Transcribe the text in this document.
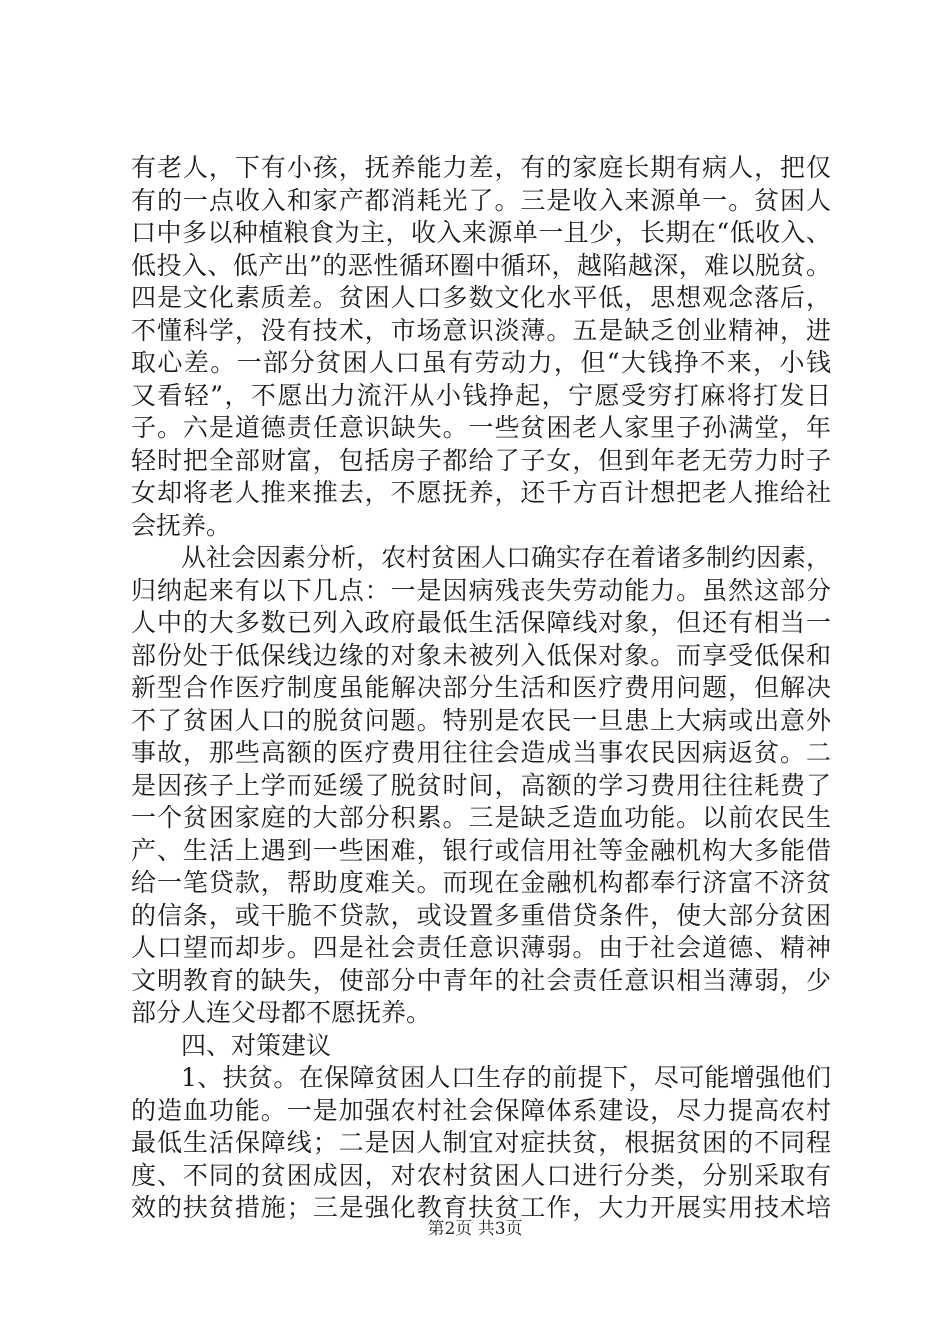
有老人，下有小孩，抚养能力差，有的家庭长期有病人，把仅
有的一点收入和家产都消耗光了。三是收入来源单一。贫困人
口中多以种植粮食为主，收入来源单一且少，长期在“低收入、
低投入、低产出”的恶性循环圈中循环，越陷越深，难以脱贫。
四是文化素质差。贫困人口多数文化水平低，思想观念落后，
不懂科学，没有技术，市场意识淡薄。五是缺乏创业精神，进
取心差。一部分贫困人口虽有劳动力，但“大钱挣不来，小钱
又看轻”，不愿出力流汗从小钱挣起，宁愿受穷打麻将打发日
子。六是道德责任意识缺失。一些贫困老人家里子孙满堂，年
轻时把全部财富，包括房子都给了子女，但到年老无劳力时子
女却将老人推来推去，不愿抚养，还千方百计想把老人推给社
会抚养。
从社会因素分析，农村贫困人口确实存在着诸多制约因素，
归纳起来有以下几点：一是因病残丧失劳动能力。虽然这部分
人中的大多数已列入政府最低生活保障线对象，但还有相当一
部份处于低保线边缘的对象未被列入低保对象。而享受低保和
新型合作医疗制度虽能解决部分生活和医疗费用问题，但解决
不了贫困人口的脱贫问题。特别是农民一旦患上大病或出意外
事故，那些高额的医疗费用往往会造成当事农民因病返贫。二
是因孩子上学而延缓了脱贫时间，高额的学习费用往往耗费了
一个贫困家庭的大部分积累。三是缺乏造血功能。以前农民生
产、生活上遇到一些困难，银行或信用社等金融机构大多能借
给一笔贷款，帮助度难关。而现在金融机构都奉行济富不济贫
的信条，或干脆不贷款，或设置多重借贷条件，使大部分贫困
人口望而却步。四是社会责任意识薄弱。由于社会道德、精神
文明教育的缺失，使部分中青年的社会责任意识相当薄弱，少
部分人连父母都不愿抚养。
四、对策建议
1、扶贫。在保障贫困人口生存的前提下，尽可能增强他们
的造血功能。一是加强农村社会保障体系建设，尽力提高农村
最低生活保障线；二是因人制宜对症扶贫，根据贫困的不同程
度、不同的贫困成因，对农村贫困人口进行分类，分别采取有
效的扶贫措施；三是强化教育扶贫工作，大力开展实用技术培
第2页 共3页
